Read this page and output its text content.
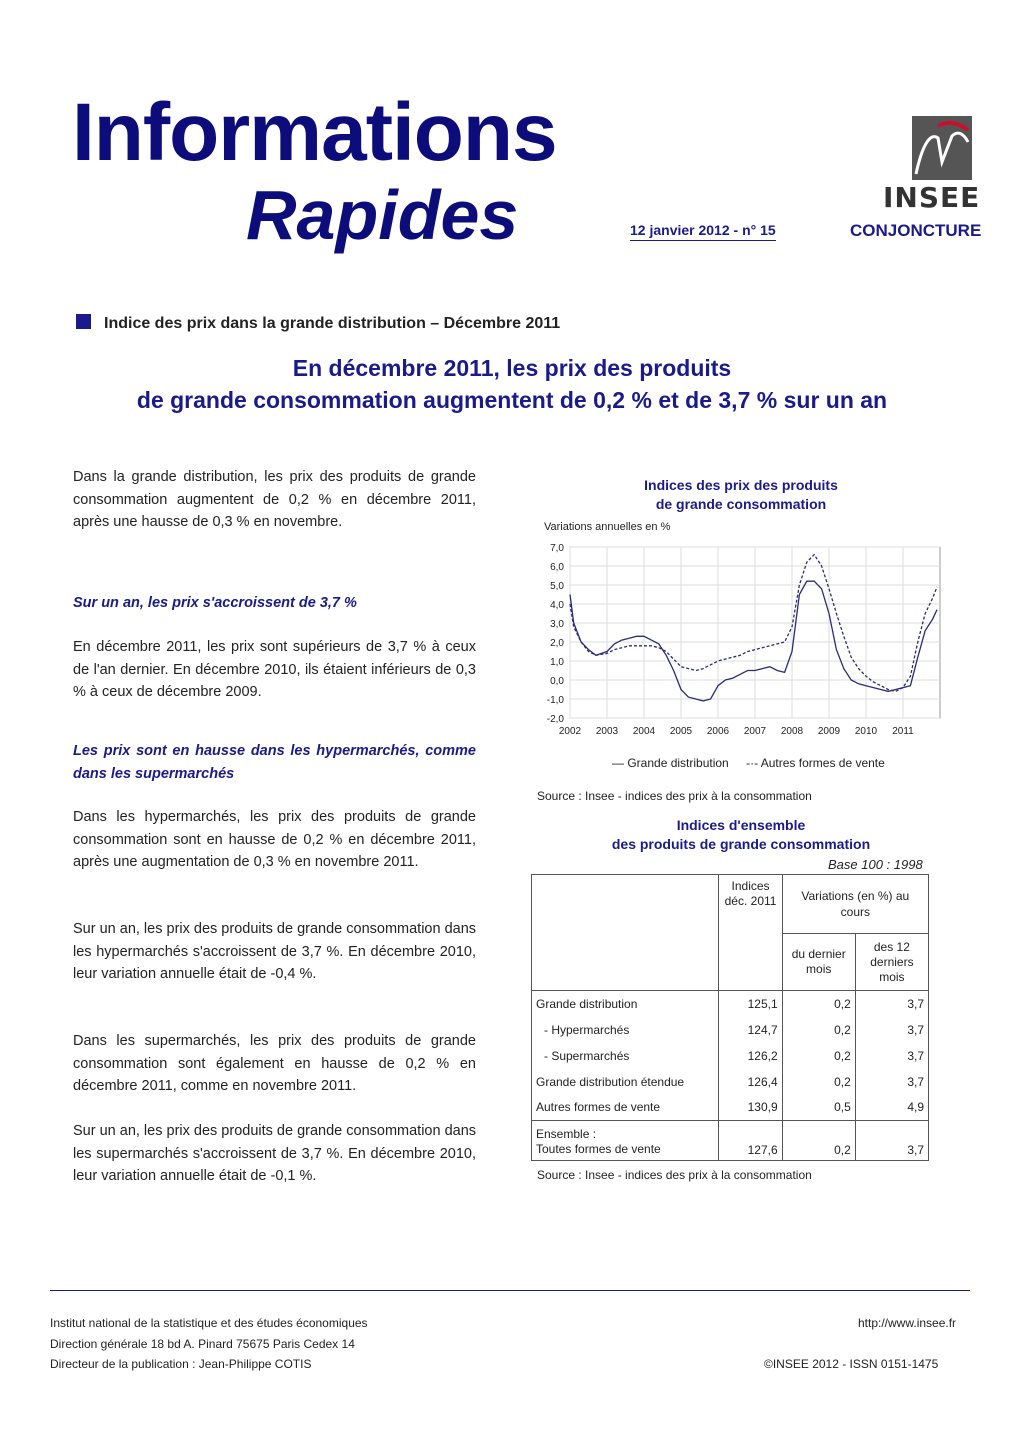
Informations
Rapides	12 janvier 2012 - n° 15
INSEE
CONJONCTURE
Indice des prix dans la grande distribution – Décembre 2011
En décembre 2011, les prix des produits
de grande consommation augmentent de 0,2 % et de 3,7 % sur un an

Dans la grande distribution, les prix des produits de grande consommation augmentent de 0,2 % en décembre 2011, après une hausse de 0,3 % en novembre.

Sur un an, les prix s'accroissent de 3,7 %

En décembre 2011, les prix sont supérieurs de 3,7 % à ceux de l'an dernier. En décembre 2010, ils étaient inférieurs de 0,3 % à ceux de décembre 2009.

Les prix sont en hausse dans les hypermarchés, comme dans les supermarchés

Dans les hypermarchés, les prix des produits de grande consommation sont en hausse de 0,2 % en décembre 2011, après une augmentation de 0,3 % en novembre 2011.

Sur un an, les prix des produits de grande consommation dans les hypermarchés s'accroissent de 3,7 %. En décembre 2010, leur variation annuelle était de -0,4 %.

Dans les supermarchés, les prix des produits de grande consommation sont également en hausse de 0,2 % en décembre 2011, comme en novembre 2011.

Sur un an, les prix des produits de grande consommation dans les supermarchés s'accroissent de 3,7 %. En décembre 2010, leur variation annuelle était de -0,1 %.

Indices des prix des produits
de grande consommation
Variations annuelles en %
7,0
6,0
5,0
4,0
3,0
2,0
1,0
0,0
-1,0
-2,0
2002 2003 2004 2005 2006 2007 2008 2009 2010 2011
— Grande distribution -·- Autres formes de vente
Source : Insee - indices des prix à la consommation
Indices d'ensemble
des produits de grande consommation
Base 100 : 1998
	Indices déc. 2011	Variations (en %) au cours	
		du dernier mois	des 12 derniers mois
Grande distribution	125,1	0,2	3,7
- Hypermarchés	124,7	0,2	3,7
- Supermarchés	126,2	0,2	3,7
Grande distribution étendue	126,4	0,2	3,7
Autres formes de vente	130,9	0,5	4,9

Ensemble :
Toutes formes de vente	127,6	0,2	3,7
Source : Insee - indices des prix à la consommation
Institut national de la statistique et des études économiques
Direction générale 18 bd A. Pinard 75675 Paris Cedex 14
Directeur de la publication : Jean-Philippe COTIS
http://www.insee.fr
©INSEE 2012 - ISSN 0151-1475
